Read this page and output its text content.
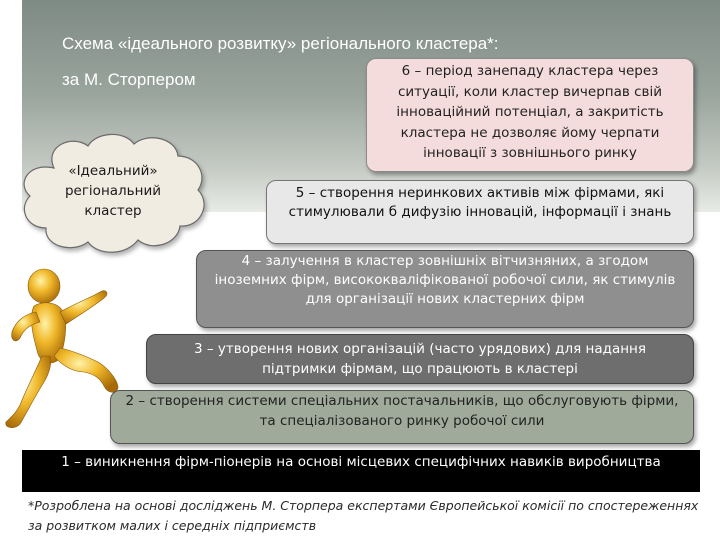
Схема «ідеального розвитку» регіонального кластера*:
за М. Сторпером
«Ідеальний»
регіональний
кластер
6 – період занепаду кластера через ситуації, коли кластер вичерпав свій інноваційний потенціал, а закритість кластера не дозволяє йому черпати інновації з зовнішнього ринку
5 – створення неринкових активів між фірмами, які стимулювали б дифузію інновацій, інформації і знань
4 – залучення в кластер зовнішніх вітчизняних, а згодом іноземних фірм, висококваліфікованої робочої сили, як стимулів для організації нових кластерних фірм
3 – утворення нових організацій (часто урядових) для надання підтримки фірмам, що працюють в кластері
2 – створення системи спеціальних постачальників, що обслуговують фірми, та спеціалізованого ринку робочої сили
1 – виникнення фірм-піонерів на основі місцевих специфічних навиків виробництва
*Розроблена на основі досліджень М. Сторпера експертами Європейської комісії по спостереженнях за розвитком малих і середніх підприємств
